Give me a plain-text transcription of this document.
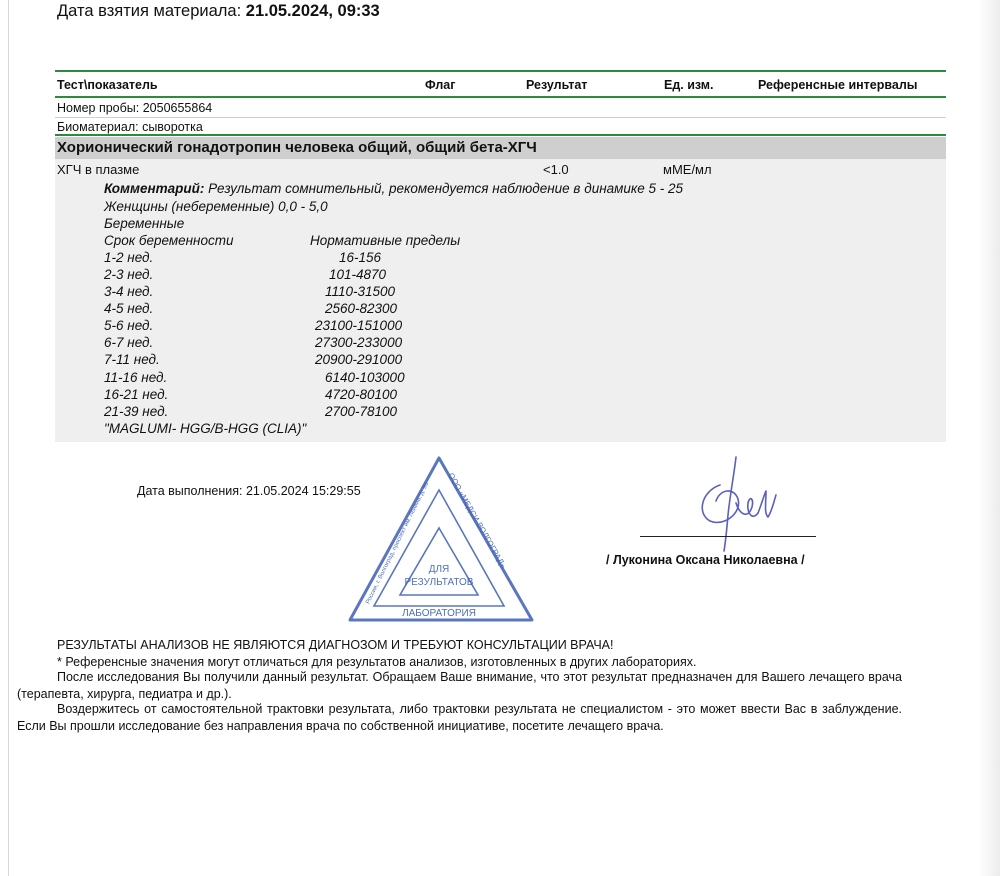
Дата взятия материала: 21.05.2024, 09:33
Тест\показатель	Флаг	Результат	Ед. изм.	Референсные интервалы
Номер пробы: 2050655864
Биоматериал: сыворотка
Хорионический гонадотропин человека общий, общий бета-ХГЧ
ХГЧ в плазме	<1.0	мМЕ/мл
Комментарий: Результат сомнительный, рекомендуется наблюдение в динамике 5 - 25
Женщины (небеременные) 0,0 - 5,0
Беременные
Срок беременности	Нормативные пределы
1-2 нед.	16-156
2-3 нед.	101-4870
3-4 нед.	1110-31500
4-5 нед.	2560-82300
5-6 нед.	23100-151000
6-7 нед.	27300-233000
7-11 нед.	20900-291000
11-16 нед.	6140-103000
16-21 нед.	4720-80100
21-39 нед.	2700-78100
"MAGLUMI- HGG/B-HGG (CLIA)"
Дата выполнения: 21.05.2024 15:29:55
ДЛЯ
РЕЗУЛЬТАТОВ
ЛАБОРАТОРИЯ
ООО «МЕДСИ-ВОЛГОГРАД»
Россия, г. Волгоград, проспект им. Ленина, д. 96
/ Луконина Оксана Николаевна /
РЕЗУЛЬТАТЫ АНАЛИЗОВ НЕ ЯВЛЯЮТСЯ ДИАГНОЗОМ И ТРЕБУЮТ КОНСУЛЬТАЦИИ ВРАЧА!
* Референсные значения могут отличаться для результатов анализов, изготовленных в других лабораториях.
После исследования Вы получили данный результат. Обращаем Ваше внимание, что этот результат предназначен для Вашего лечащего врача (терапевта, хирурга, педиатра и др.).
Воздержитесь от самостоятельной трактовки результата, либо трактовки результата не специалистом - это может ввести Вас в заблуждение. Если Вы прошли исследование без направления врача по собственной инициативе, посетите лечащего врача.
